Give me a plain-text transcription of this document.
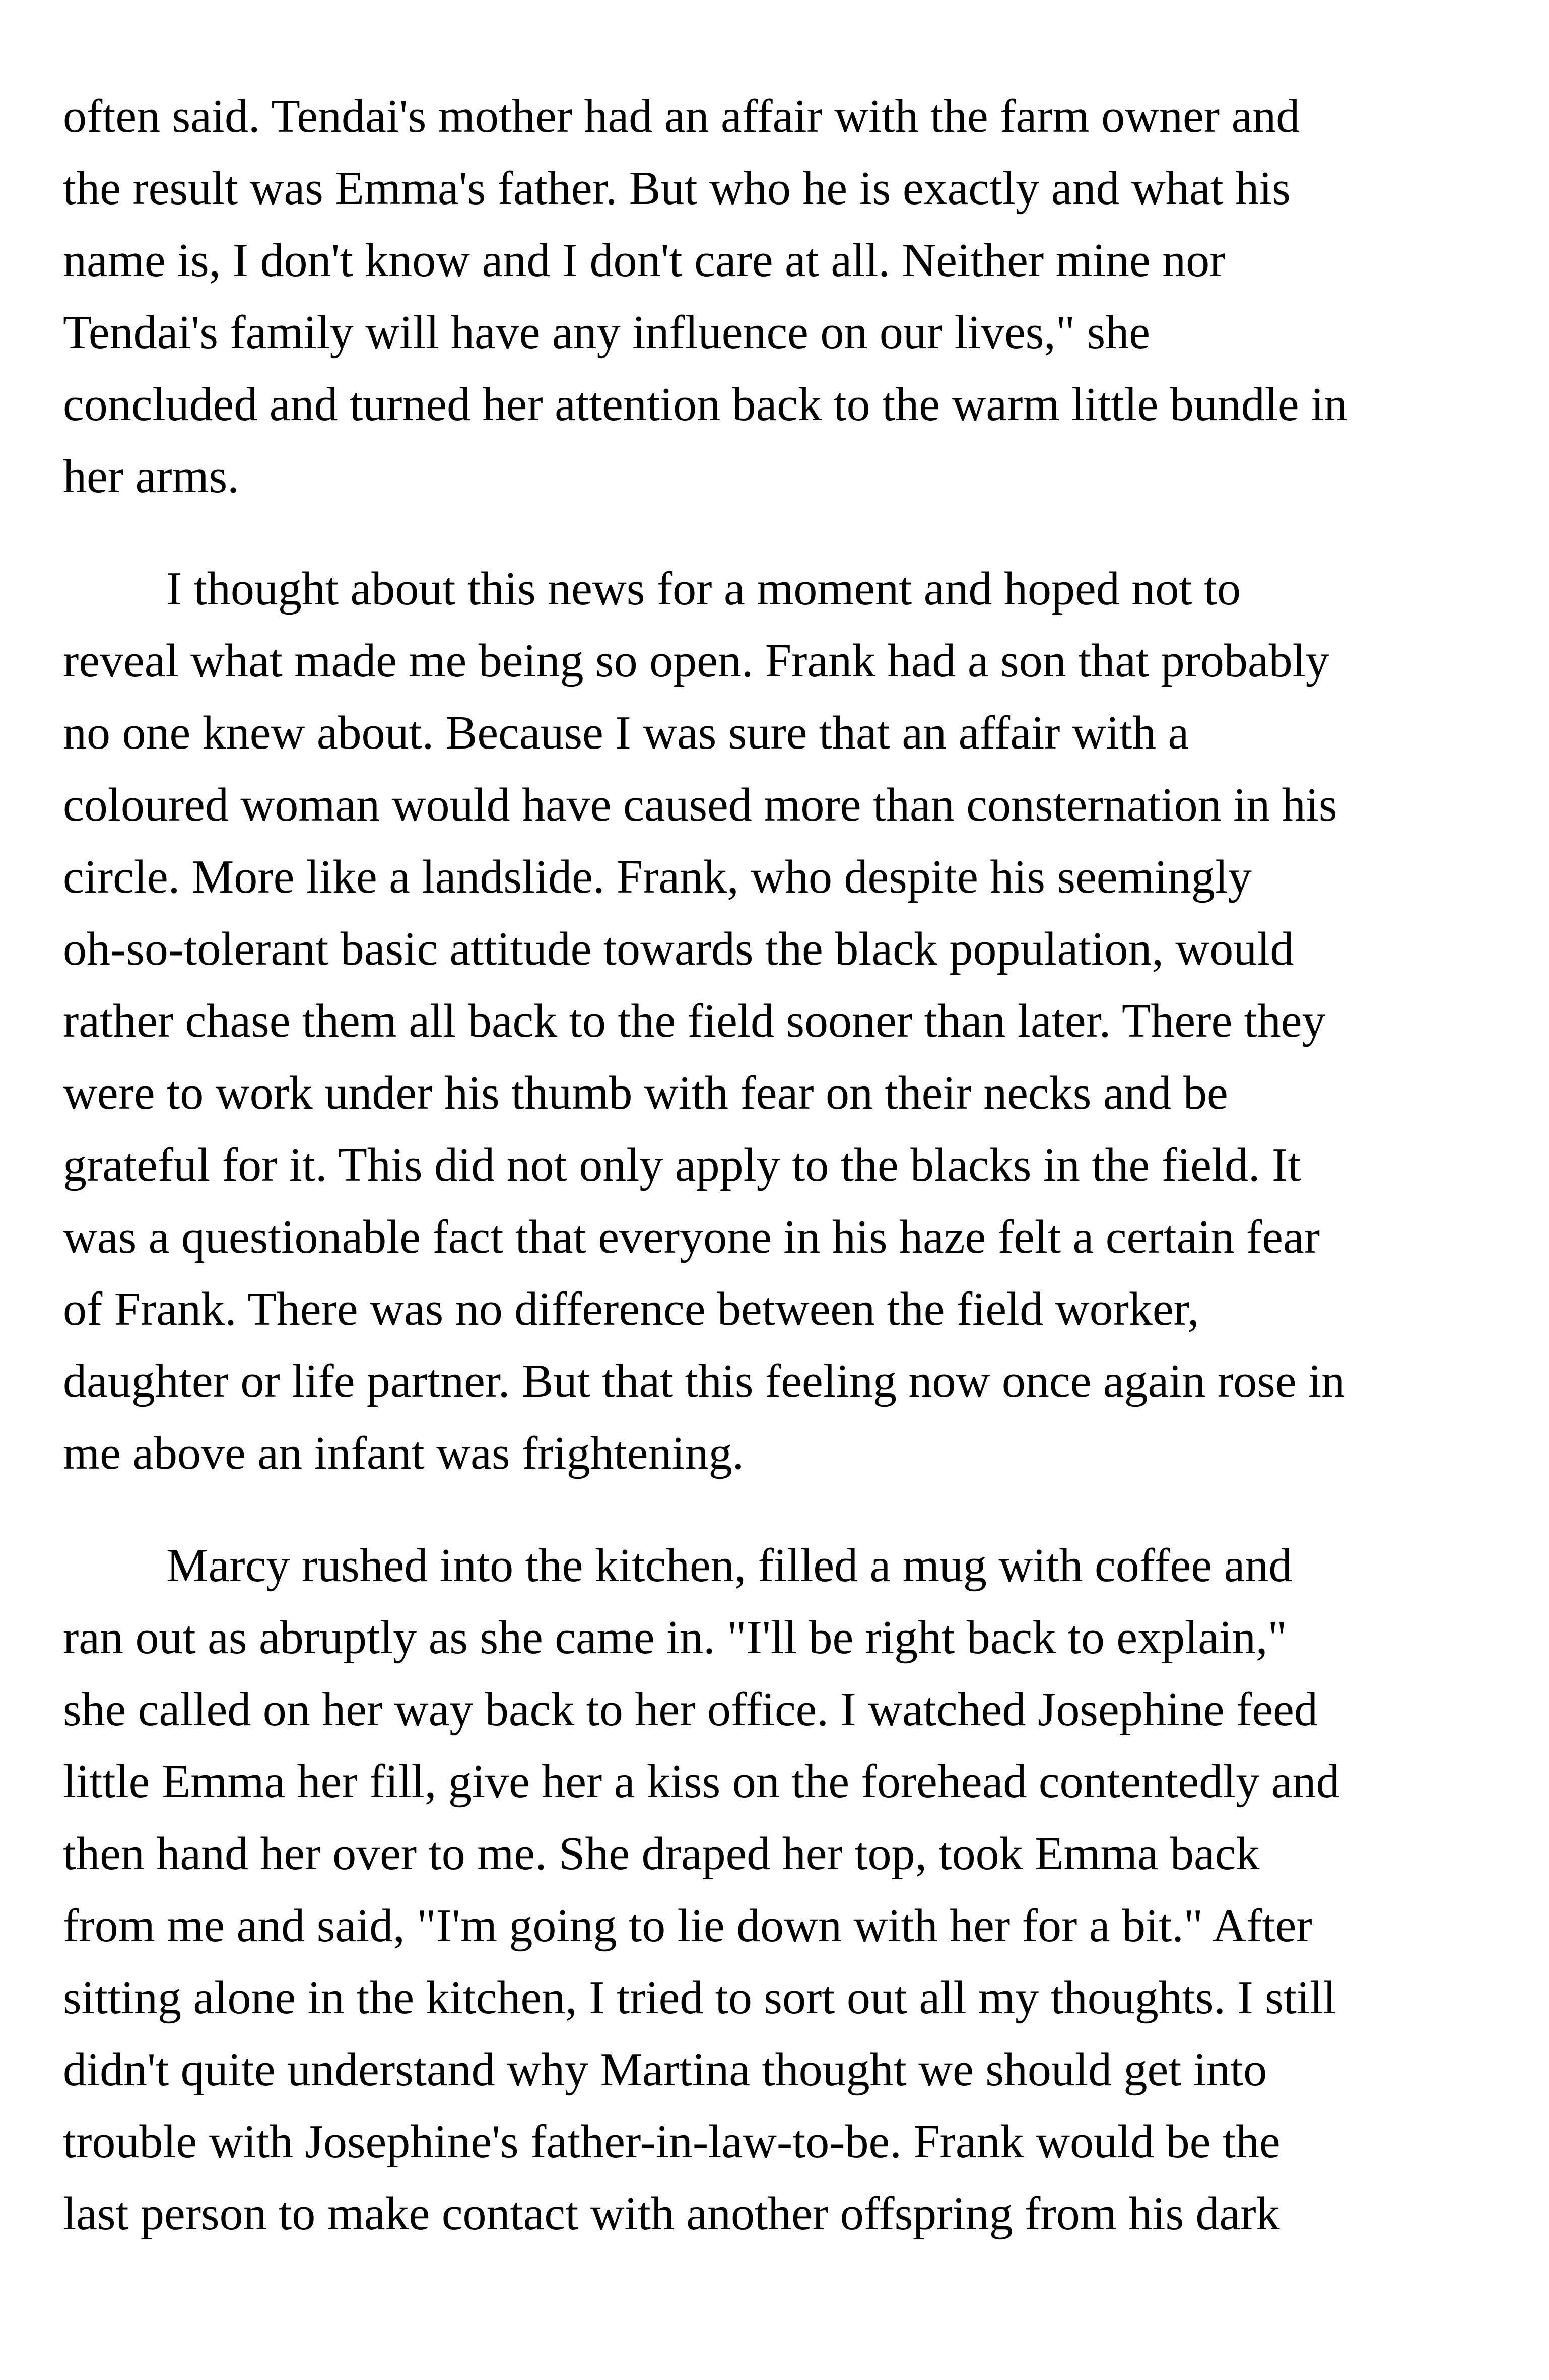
often said. Tendai's mother had an affair with the farm owner and
the result was Emma's father. But who he is exactly and what his
name is, I don't know and I don't care at all. Neither mine nor
Tendai's family will have any influence on our lives," she
concluded and turned her attention back to the warm little bundle in
her arms.
I thought about this news for a moment and hoped not to
reveal what made me being so open. Frank had a son that probably
no one knew about. Because I was sure that an affair with a
coloured woman would have caused more than consternation in his
circle. More like a landslide. Frank, who despite his seemingly
oh-so-tolerant basic attitude towards the black population, would
rather chase them all back to the field sooner than later. There they
were to work under his thumb with fear on their necks and be
grateful for it. This did not only apply to the blacks in the field. It
was a questionable fact that everyone in his haze felt a certain fear
of Frank. There was no difference between the field worker,
daughter or life partner. But that this feeling now once again rose in
me above an infant was frightening.
Marcy rushed into the kitchen, filled a mug with coffee and
ran out as abruptly as she came in. "I'll be right back to explain,"
she called on her way back to her office. I watched Josephine feed
little Emma her fill, give her a kiss on the forehead contentedly and
then hand her over to me. She draped her top, took Emma back
from me and said, "I'm going to lie down with her for a bit." After
sitting alone in the kitchen, I tried to sort out all my thoughts. I still
didn't quite understand why Martina thought we should get into
trouble with Josephine's father-in-law-to-be. Frank would be the
last person to make contact with another offspring from his dark
